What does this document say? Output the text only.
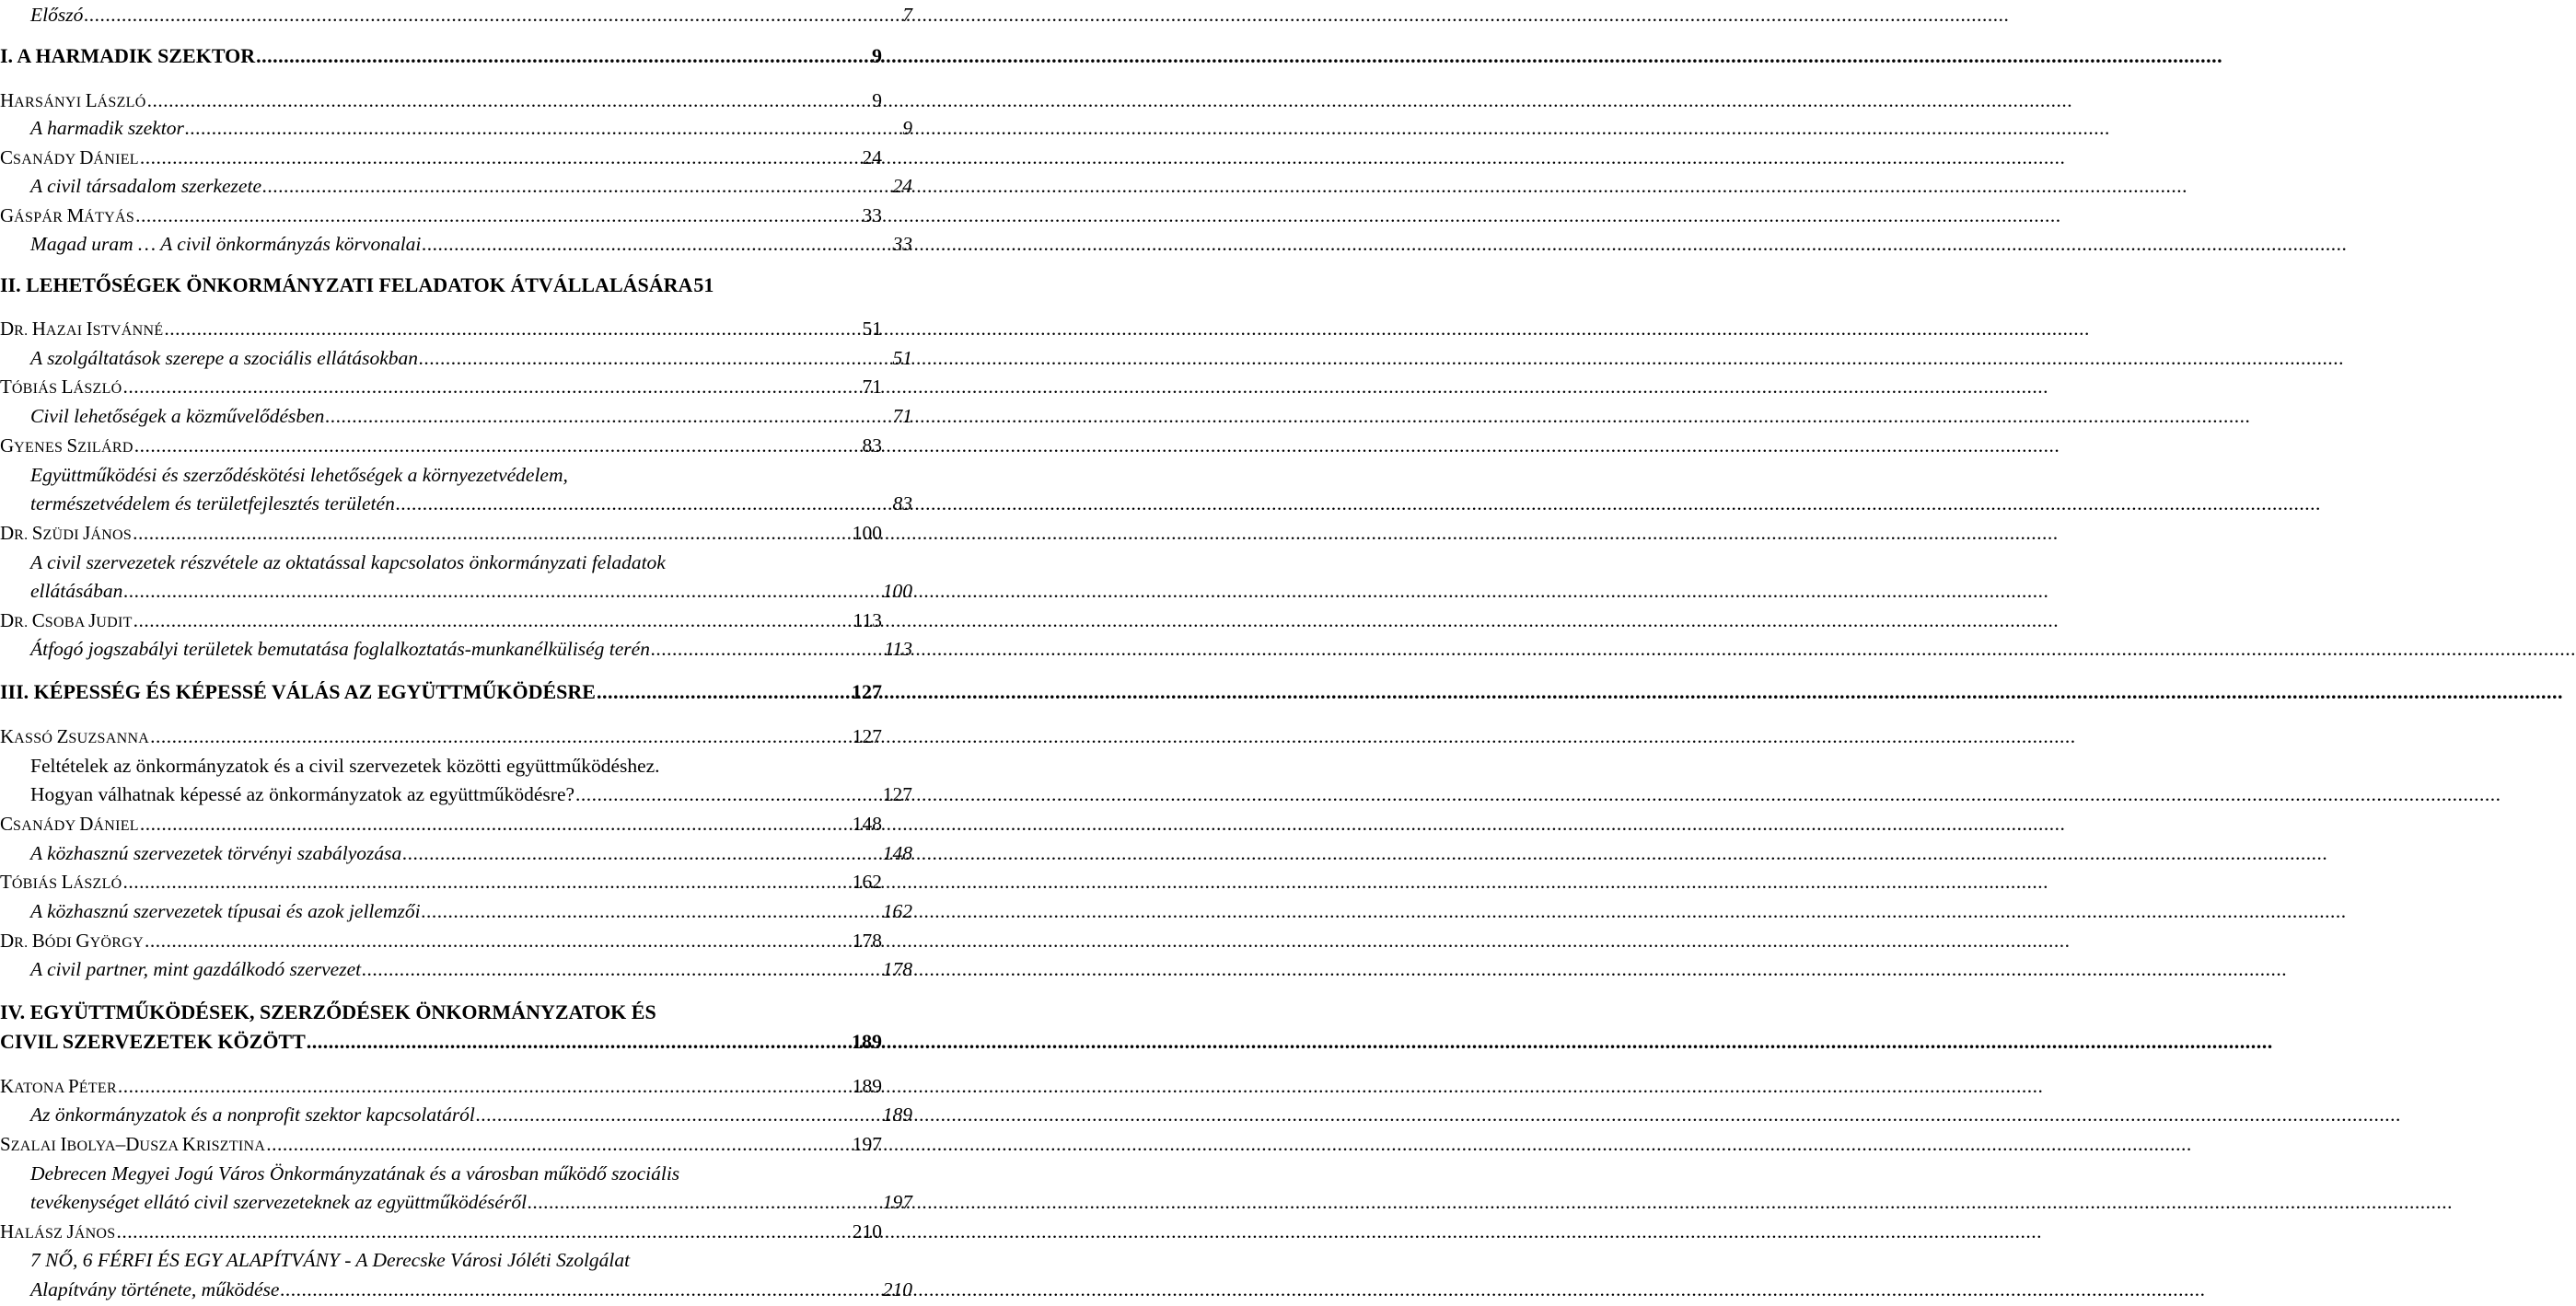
Előszó .....	7
I. A HARMADIK SZEKTOR .....	9
HARSÁNYI LÁSZLÓ .....	9
A harmadik szektor .....	9
CSANÁDY DÁNIEL .....	24
A civil társadalom szerkezete .....	24
GÁSPÁR MÁTYÁS .....	33
Magad uram … A civil önkormányzás körvonalai .....	33
II. LEHETŐSÉGEK ÖNKORMÁNYZATI FELADATOK ÁTVÁLLALÁSÁRA 51
DR. HAZAI ISTVÁNNÉ .....	51
A szolgáltatások szerepe a szociális ellátásokban .....	51
TÓBIÁS LÁSZLÓ .....	71
Civil lehetőségek a közművelődésben .....	71
GYENES SZILÁRD .....	83
Együttműködési és szerződéskötési lehetőségek a környezetvédelem,
természetvédelem és területfejlesztés területén .....	83
DR. SZÜDI JÁNOS .....	100
A civil szervezetek részvétele az oktatással kapcsolatos önkormányzati feladatok
ellátásában .....	100
DR. CSOBA JUDIT .....	113
Átfogó jogszabályi területek bemutatása foglalkoztatás-munkanélküliség terén .....	113
III. KÉPESSÉG ÉS KÉPESSÉ VÁLÁS AZ EGYÜTTMŰKÖDÉSRE .....	127
KASSÓ ZSUZSANNA .....	127
Feltételek az önkormányzatok és a civil szervezetek közötti együttműködéshez.
Hogyan válhatnak képessé az önkormányzatok az együttműködésre? .....	127
CSANÁDY DÁNIEL .....	148
A közhasznú szervezetek törvényi szabályozása .....	148
TÓBIÁS LÁSZLÓ .....	162
A közhasznú szervezetek típusai és azok jellemzői .....	162
DR. BÓDI GYÖRGY .....	178
A civil partner, mint gazdálkodó szervezet .....	178
IV. EGYÜTTMŰKÖDÉSEK, SZERZŐDÉSEK ÖNKORMÁNYZATOK ÉS
CIVIL SZERVEZETEK KÖZÖTT .....	189
KATONA PÉTER .....	189
Az önkormányzatok és a nonprofit szektor kapcsolatáról .....	189
SZALAI IBOLYA–DUSZA KRISZTINA .....	197
Debrecen Megyei Jogú Város Önkormányzatának és a városban működő szociális
tevékenységet ellátó civil szervezeteknek az együttműködéséről .....	197
HALÁSZ JÁNOS .....	210
7 NŐ, 6 FÉRFI ÉS EGY ALAPÍTVÁNY - A Derecske Városi Jóléti Szolgálat
Alapítvány története, működése .....	210
